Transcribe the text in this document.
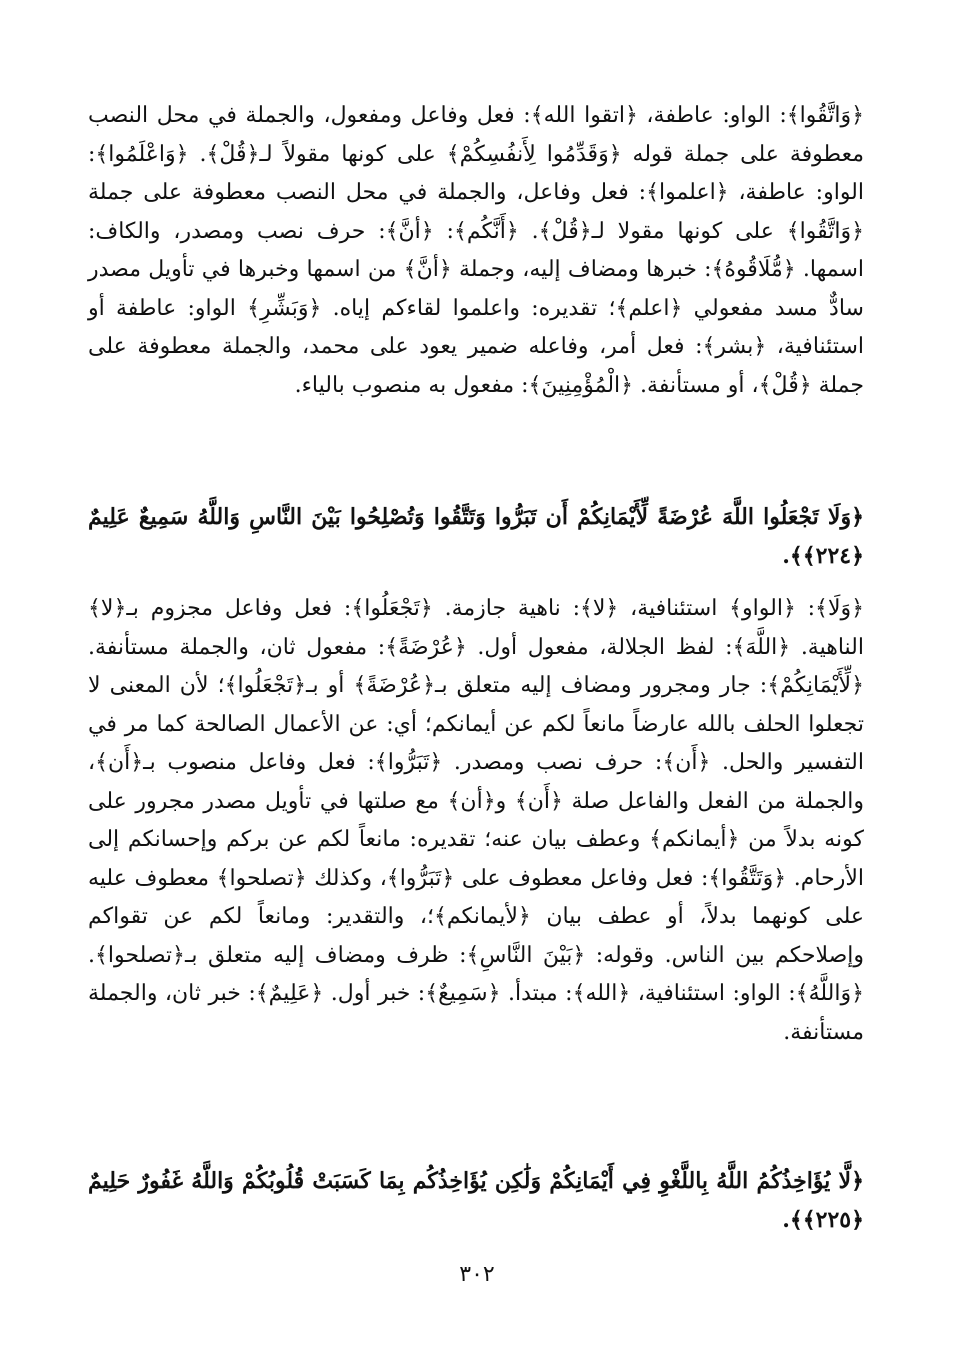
﴿وَاتَّقُوا﴾: الواو: عاطفة، ﴿اتقوا الله﴾: فعل وفاعل ومفعول، والجملة في محل النصب معطوفة على جملة قوله ﴿وَقَدِّمُوا لِأَنفُسِكُمْ﴾ على كونها مقولاً لـ﴿قُلْ﴾. ﴿وَاعْلَمُوا﴾: الواو: عاطفة، ﴿اعلموا﴾: فعل وفاعل، والجملة في محل النصب معطوفة على جملة ﴿وَاتَّقُوا﴾ على كونها مقولا لـ﴿قُلْ﴾. ﴿أَنَّكُم﴾: ﴿أنَّ﴾: حرف نصب ومصدر، والكاف: اسمها. ﴿مُّلَاقُوهُ﴾: خبرها ومضاف إليه، وجملة ﴿أنَّ﴾ من اسمها وخبرها في تأويل مصدر سادٌّ مسد مفعولي ﴿اعلم﴾؛ تقديره: واعلموا لقاءكم إياه. ﴿وَبَشِّرِ﴾ الواو: عاطفة أو استئنافية، ﴿بشر﴾: فعل أمر، وفاعله ضمير يعود على محمد، والجملة معطوفة على جملة ﴿قُلْ﴾، أو مستأنفة. ﴿الْمُؤْمِنِينَ﴾: مفعول به منصوب بالياء.

﴿وَلَا تَجْعَلُوا اللَّهَ عُرْضَةً لِّأَيْمَانِكُمْ أَن تَبَرُّوا وَتَتَّقُوا وَتُصْلِحُوا بَيْنَ النَّاسِ وَاللَّهُ سَمِيعٌ عَلِيمٌ ﴿٢٢٤﴾﴾.

﴿وَلَا﴾: ﴿الواو﴾ استئنافية، ﴿لا﴾: ناهية جازمة. ﴿تَجْعَلُوا﴾: فعل وفاعل مجزوم بـ﴿لا﴾ الناهية. ﴿اللَّهَ﴾: لفظ الجلالة، مفعول أول. ﴿عُرْضَةً﴾: مفعول ثان، والجملة مستأنفة. ﴿لِّأَيْمَانِكُمْ﴾: جار ومجرور ومضاف إليه متعلق بـ﴿عُرْضَةً﴾ أو بـ﴿تَجْعَلُوا﴾؛ لأن المعنى لا تجعلوا الحلف بالله عارضاً مانعاً لكم عن أيمانكم؛ أي: عن الأعمال الصالحة كما مر في التفسير والحل. ﴿أَن﴾: حرف نصب ومصدر. ﴿تَبَرُّوا﴾: فعل وفاعل منصوب بـ﴿أَن﴾، والجملة من الفعل والفاعل صلة ﴿أَن﴾ و﴿أن﴾ مع صلتها في تأويل مصدر مجرور على كونه بدلاً من ﴿أيمانكم﴾ وعطف بيان عنه؛ تقديره: مانعاً لكم عن بركم وإحسانكم إلى الأرحام. ﴿وَتَتَّقُوا﴾: فعل وفاعل معطوف على ﴿تَبَرُّوا﴾، وكذلك ﴿تصلحوا﴾ معطوف عليه على كونهما بدلاً، أو عطف بيان ﴿لأيمانكم﴾؛، والتقدير: ومانعاً لكم عن تقواكم وإصلاحكم بين الناس. وقوله: ﴿بَيْنَ النَّاسِ﴾: ظرف ومضاف إليه متعلق بـ﴿تصلحوا﴾. ﴿وَاللَّهُ﴾: الواو: استئنافية، ﴿الله﴾: مبتدأ. ﴿سَمِيعٌ﴾: خبر أول. ﴿عَلِيمٌ﴾: خبر ثان، والجملة مستأنفة.

﴿لَّا يُؤَاخِذُكُمُ اللَّهُ بِاللَّغْوِ فِي أَيْمَانِكُمْ وَلَٰكِن يُؤَاخِذُكُم بِمَا كَسَبَتْ قُلُوبُكُمْ وَاللَّهُ غَفُورٌ حَلِيمٌ ﴿٢٢٥﴾﴾.

٣٠٢
